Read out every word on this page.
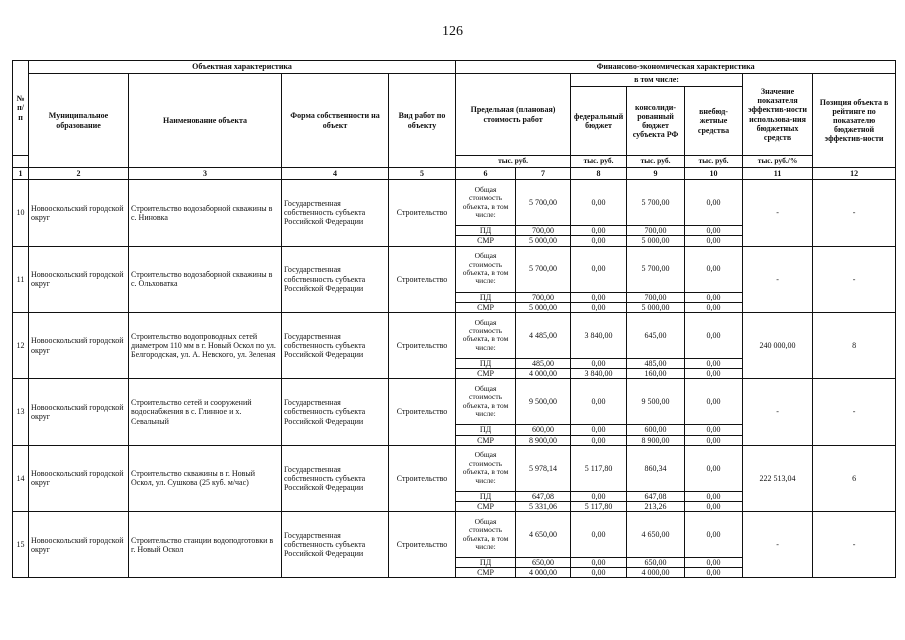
126
№
п/п	Объектная характеристика				Финансово-экономическая характеристика						
	Муниципальное образование	Наименование объекта	Форма собственности на объект	Вид работ по объекту	Предельная (плановая) стоимость работ		в том числе:			Значение показателя эффектив-ности использова-ния бюджетных средств	Позиция объекта в рейтинге по показателю бюджетной эффектив-ности
							федеральный бюджет	консолиди-рованный бюджет субъекта РФ	внебюд-жетные средства		
					тыс. руб.		тыс. руб.	тыс. руб.	тыс. руб.	тыс. руб./%	
1	2	3	4	5	6	7	8	9	10	11	12
10	Новооскольский городской округ	Строительство водозаборной скважины в с. Ниновка	Государственная собственность субъекта Российской Федерации	Строительство	Общая стоимость объекта, в том числе:	5 700,00	0,00	5 700,00	0,00	-	-
					ПД	700,00	0,00	700,00	0,00		
					СМР	5 000,00	0,00	5 000,00	0,00		
11	Новооскольский городской округ	Строительство водозаборной скважины в с. Ольховатка	Государственная собственность субъекта Российской Федерации	Строительство	Общая стоимость объекта, в том числе:	5 700,00	0,00	5 700,00	0,00	-	-
					ПД	700,00	0,00	700,00	0,00		
					СМР	5 000,00	0,00	5 000,00	0,00		
12	Новооскольский городской округ	Строительство водопроводных сетей диаметром 110 мм в г. Новый Оскол по ул. Белгородская, ул. А. Невского, ул. Зеленая	Государственная собственность субъекта Российской Федерации	Строительство	Общая стоимость объекта, в том числе:	4 485,00	3 840,00	645,00	0,00	240 000,00	8
					ПД	485,00	0,00	485,00	0,00		
					СМР	4 000,00	3 840,00	160,00	0,00		
13	Новооскольский городской округ	Строительство сетей и сооружений водоснабжения в с. Глинное и х. Севальный	Государственная собственность субъекта Российской Федерации	Строительство	Общая стоимость объекта, в том числе:	9 500,00	0,00	9 500,00	0,00	-	-
					ПД	600,00	0,00	600,00	0,00		
					СМР	8 900,00	0,00	8 900,00	0,00		
14	Новооскольский городской округ	Строительство скважины в г. Новый Оскол, ул. Сушкова (25 куб. м/час)	Государственная собственность субъекта Российской Федерации	Строительство	Общая стоимость объекта, в том числе:	5 978,14	5 117,80	860,34	0,00	222 513,04	6
					ПД	647,08	0,00	647,08	0,00		
					СМР	5 331,06	5 117,80	213,26	0,00		
15	Новооскольский городской округ	Строительство станции водоподготовки в г. Новый Оскол	Государственная собственность субъекта Российской Федерации	Строительство	Общая стоимость объекта, в том числе:	4 650,00	0,00	4 650,00	0,00	-	-
					ПД	650,00	0,00	650,00	0,00		
					СМР	4 000,00	0,00	4 000,00	0,00		
